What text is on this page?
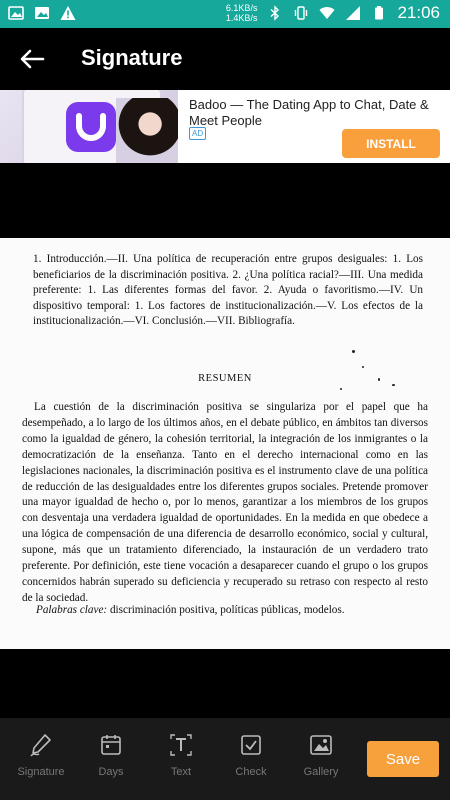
6.1KB/s
1.4KB/s	21:06
Signature
Badoo — The Dating App to Chat, Date & Meet People
AD
INSTALL
1. Introducción.—II. Una política de recuperación entre grupos desiguales: 1. Los beneficiarios de la discriminación positiva. 2. ¿Una política racial?—III. Una medida preferente: 1. Las diferentes formas del favor. 2. Ayuda o favoritismo.—IV. Un dispositivo temporal: 1. Los factores de institucionalización.—V. Los efectos de la institucionalización.—VI. Conclusión.—VII. Bibliografía.
RESUMEN
La cuestión de la discriminación positiva se singulariza por el papel que ha desempeñado, a lo largo de los últimos años, en el debate público, en ámbitos tan diversos como la igualdad de género, la cohesión territorial, la integración de los inmigrantes o la democratización de la enseñanza. Tanto en el derecho internacional como en las legislaciones nacionales, la discriminación positiva es el instrumento clave de una política de reducción de las desigualdades entre los diferentes grupos sociales. Pretende promover una mayor igualdad de hecho o, por lo menos, garantizar a los miembros de los grupos con desventaja una verdadera igualdad de oportunidades. En la medida en que obedece a una lógica de compensación de una diferencia de desarrollo económico, social y cultural, supone, más que un tratamiento diferenciado, la instauración de un verdadero trato preferente. Por definición, este tiene vocación a desaparecer cuando el grupo o los grupos concernidos habrán superado su deficiencia y recuperado su retraso con respecto al resto de la sociedad.
Palabras clave: discriminación positiva, políticas públicas, modelos.
Signature	Days	Text	Check	Gallery
Save
